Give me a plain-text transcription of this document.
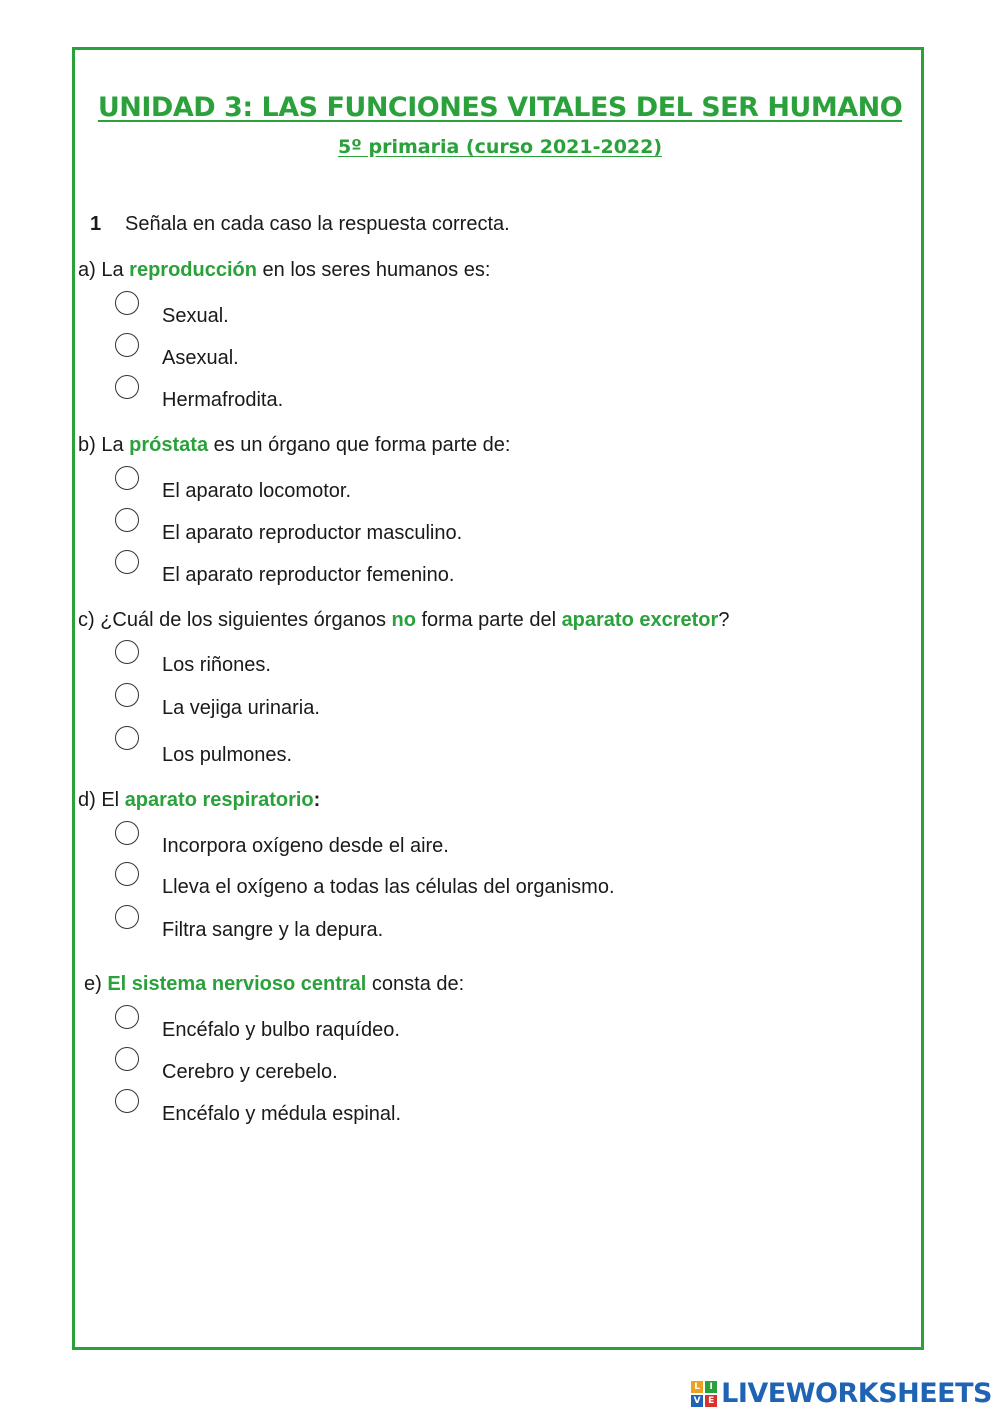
UNIDAD 3: LAS FUNCIONES VITALES DEL SER HUMANO
5º primaria (curso 2021-2022)
1 Señala en cada caso la respuesta correcta.
a) La reproducción en los seres humanos es:
Sexual.
Asexual.
Hermafrodita.
b) La próstata es un órgano que forma parte de:
El aparato locomotor.
El aparato reproductor masculino.
El aparato reproductor femenino.
c) ¿Cuál de los siguientes órganos no forma parte del aparato excretor?
Los riñones.
La vejiga urinaria.
Los pulmones.
d) El aparato respiratorio:
Incorpora oxígeno desde el aire.
Lleva el oxígeno a todas las células del organismo.
Filtra sangre y la depura.
e) El sistema nervioso central consta de:
Encéfalo y bulbo raquídeo.
Cerebro y cerebelo.
Encéfalo y médula espinal.
L	I
V E LIVEWORKSHEETS
